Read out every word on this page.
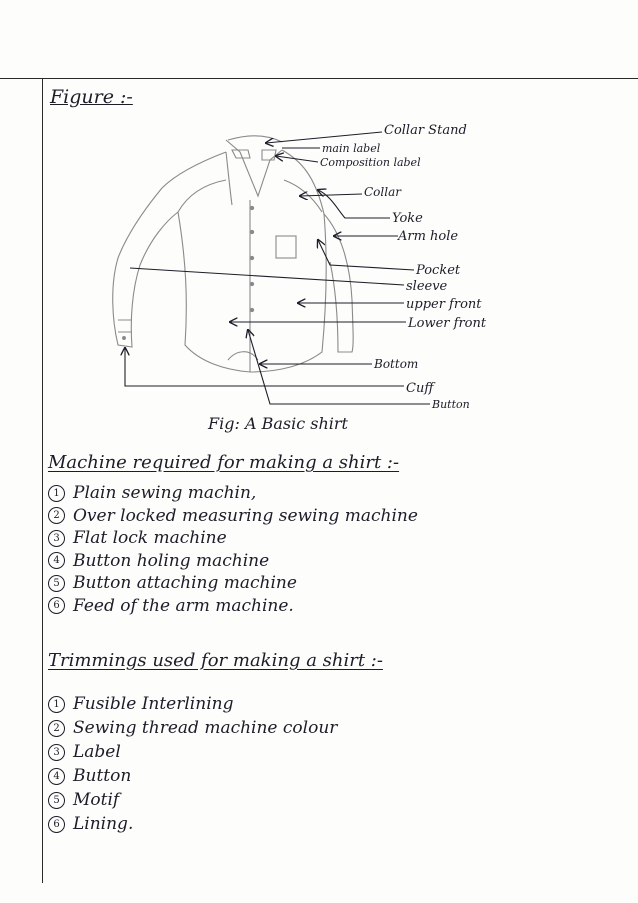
Figure :-
Collar Stand
main label
Composition label
Collar
Yoke
Arm hole
Pocket
sleeve
upper front
Lower front
Bottom
Cuff
Button
Fig: A Basic shirt
Machine required for making a shirt :-
1 Plain sewing machin,
2 Over locked measuring sewing machine
3 Flat lock machine
4 Button holing machine
5 Button attaching machine
6 Feed of the arm machine.
Trimmings used for making a shirt :-
1 Fusible Interlining
2 Sewing thread machine colour
3 Label
4 Button
5 Motif
6 Lining.
